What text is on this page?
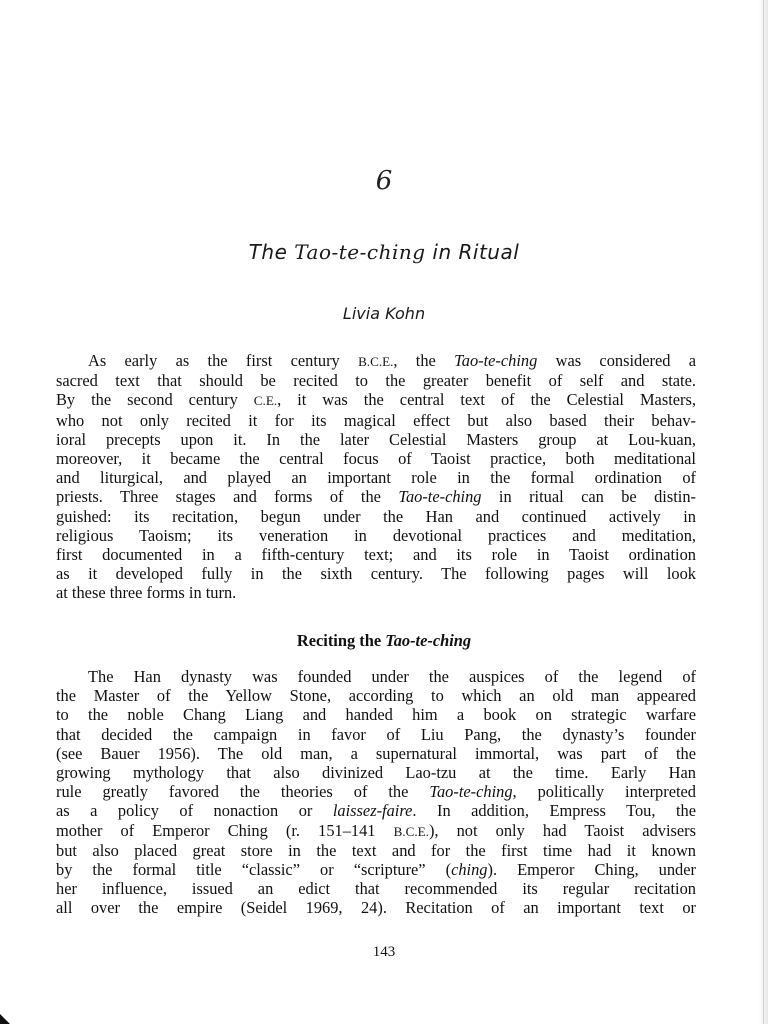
6
The Tao-te-ching in Ritual
Livia Kohn
As early as the first century B.C.E., the Tao-te-ching was considered a
sacred text that should be recited to the greater benefit of self and state.
By the second century C.E., it was the central text of the Celestial Masters,
who not only recited it for its magical effect but also based their behav-
ioral precepts upon it. In the later Celestial Masters group at Lou-kuan,
moreover, it became the central focus of Taoist practice, both meditational
and liturgical, and played an important role in the formal ordination of
priests. Three stages and forms of the Tao-te-ching in ritual can be distin-
guished: its recitation, begun under the Han and continued actively in
religious Taoism; its veneration in devotional practices and meditation,
first documented in a fifth-century text; and its role in Taoist ordination
as it developed fully in the sixth century. The following pages will look
at these three forms in turn.
Reciting the Tao-te-ching
The Han dynasty was founded under the auspices of the legend of
the Master of the Yellow Stone, according to which an old man appeared
to the noble Chang Liang and handed him a book on strategic warfare
that decided the campaign in favor of Liu Pang, the dynasty’s founder
(see Bauer 1956). The old man, a supernatural immortal, was part of the
growing mythology that also divinized Lao-tzu at the time. Early Han
rule greatly favored the theories of the Tao-te-ching, politically interpreted
as a policy of nonaction or laissez-faire. In addition, Empress Tou, the
mother of Emperor Ching (r. 151–141 B.C.E.), not only had Taoist advisers
but also placed great store in the text and for the first time had it known
by the formal title “classic” or “scripture” (ching). Emperor Ching, under
her influence, issued an edict that recommended its regular recitation
all over the empire (Seidel 1969, 24). Recitation of an important text or
143
